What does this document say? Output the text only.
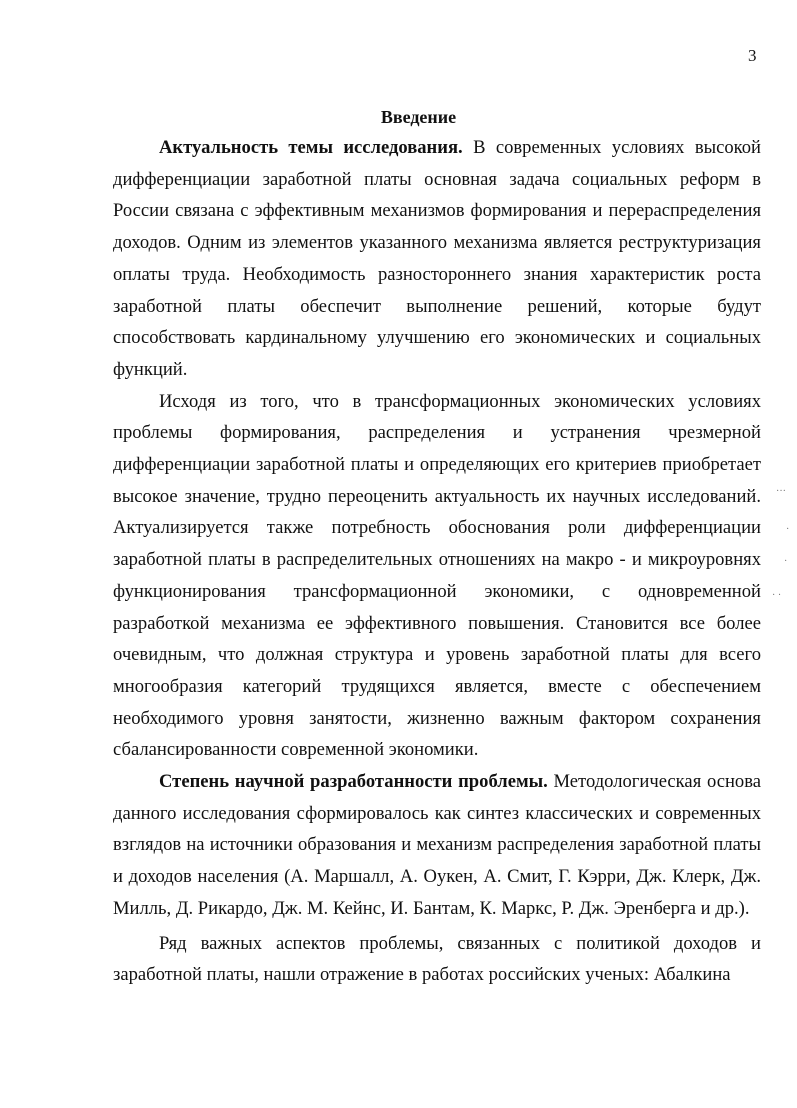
3
Введение

Актуальность темы исследования. В современных условиях высокой дифференциации заработной платы основная задача социальных реформ в России связана с эффективным механизмов формирования и перераспределения доходов. Одним из элементов указанного механизма является реструктуризация оплаты труда. Необходимость разностороннего знания характеристик роста заработной платы обеспечит выполнение решений, которые будут способствовать кардинальному улучшению его экономических и социальных функций.

Исходя из того, что в трансформационных экономических условиях проблемы формирования, распределения и устранения чрезмерной дифференциации заработной платы и определяющих его критериев приобретает высокое значение, трудно переоценить актуальность их научных исследований. Актуализируется также потребность обоснования роли дифференциации заработной платы в распределительных отношениях на макро - и микроуровнях функционирования трансформационной экономики, с одновременной разработкой механизма ее эффективного повышения. Становится все более очевидным, что должная структура и уровень заработной платы для всего многообразия категорий трудящихся является, вместе с обеспечением необходимого уровня занятости, жизненно важным фактором сохранения сбалансированности современной экономики.

Степень научной разработанности проблемы. Методологическая основа данного исследования сформировалось как синтез классических и современных взглядов на источники образования и механизм распределения заработной платы и доходов населения (А. Маршалл, А. Оукен, А. Смит, Г. Кэрри, Дж. Клерк, Дж. Милль, Д. Рикардо, Дж. М. Кейнс, И. Бантам, К. Маркс, Р. Дж. Эренберга и др.).

Ряд важных аспектов проблемы, связанных с политикой доходов и заработной платы, нашли отражение в работах российских ученых: Абалкина

···
·
·
· ·
